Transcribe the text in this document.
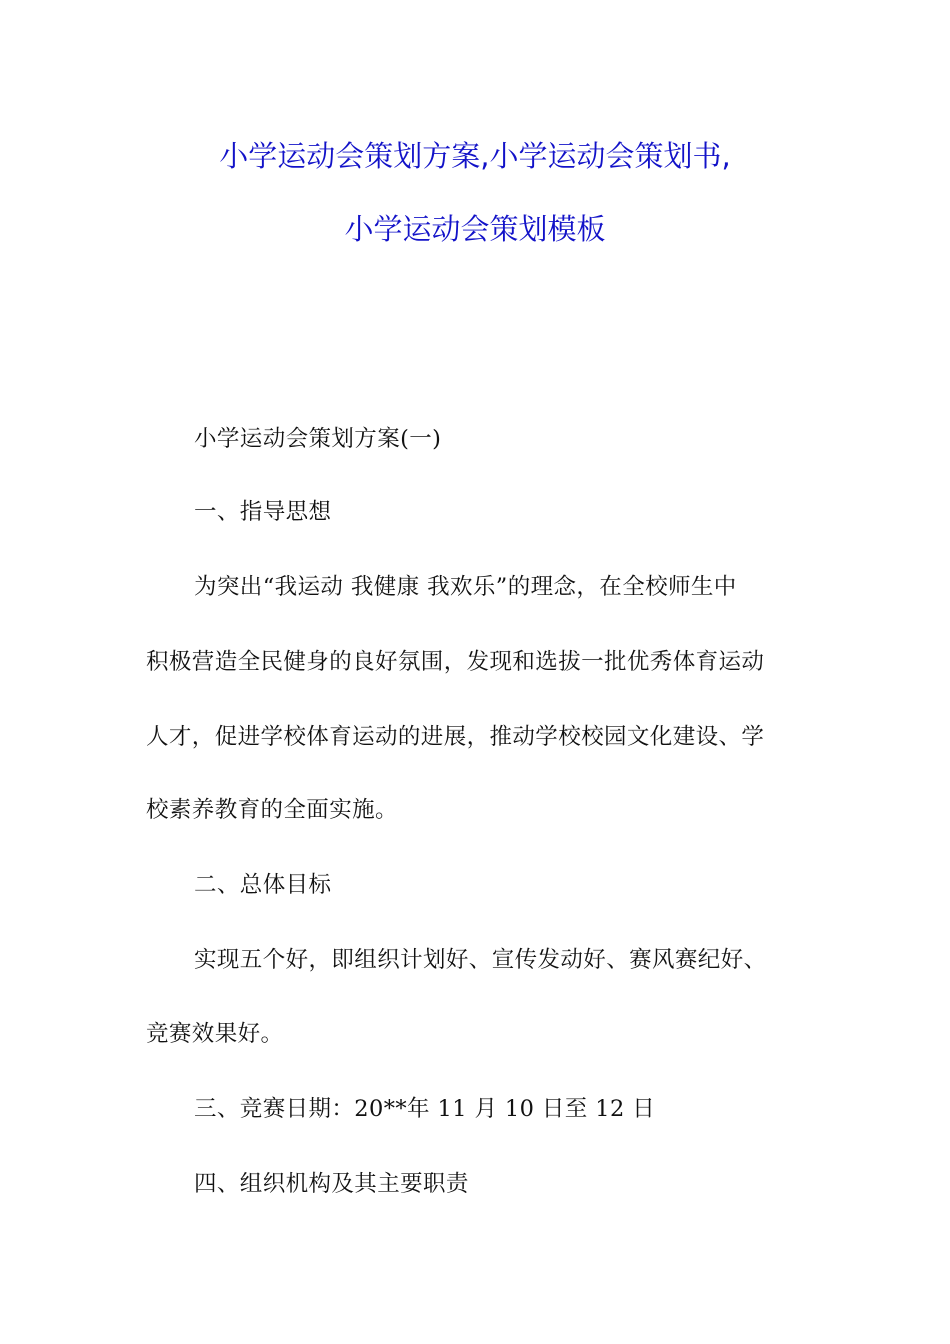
小学运动会策划方案,小学运动会策划书,
小学运动会策划模板
小学运动会策划方案(一)
一、指导思想
为突出“我运动 我健康 我欢乐”的理念，在全校师生中
积极营造全民健身的良好氛围，发现和选拔一批优秀体育运动
人才，促进学校体育运动的进展，推动学校校园文化建设、学
校素养教育的全面实施。
二、总体目标
实现五个好，即组织计划好、宣传发动好、赛风赛纪好、
竞赛效果好。
三、竞赛日期：20**年 11 月 10 日至 12 日
四、组织机构及其主要职责
